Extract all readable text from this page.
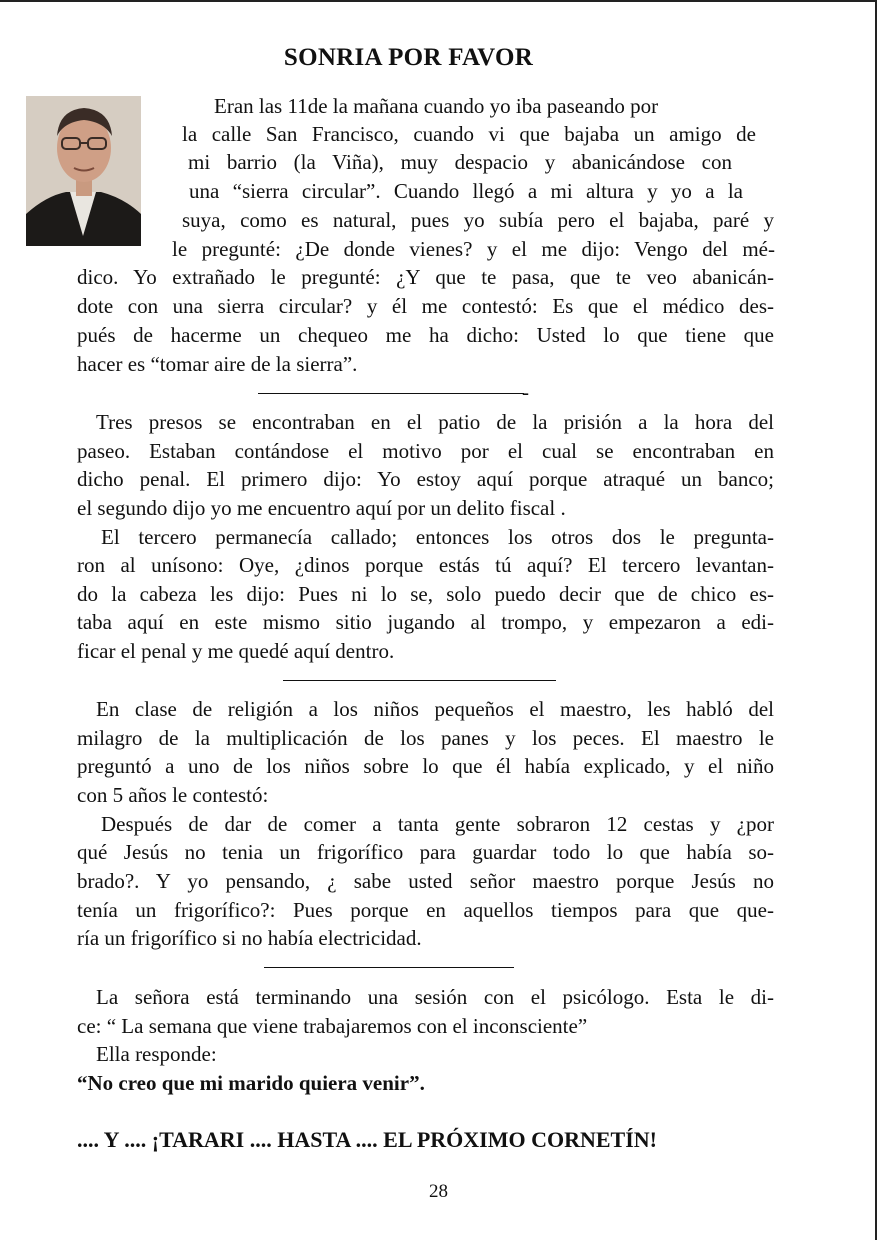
SONRIA POR FAVOR
Eran las 11de la mañana cuando yo iba paseando por
la calle San Francisco, cuando vi que bajaba un amigo de
mi barrio (la Viña), muy despacio y abanicándose con
una “sierra circular”. Cuando llegó a mi altura y yo a la
suya, como es natural, pues yo subía pero el bajaba, paré y
le pregunté: ¿De donde vienes? y el me dijo: Vengo del mé-
dico. Yo extrañado le pregunté: ¿Y que te pasa, que te veo abanicán-
dote con una sierra circular? y él me contestó: Es que el médico des-
pués de hacerme un chequeo me ha dicho: Usted lo que tiene que
hacer es “tomar aire de la sierra”.
-
Tres presos se encontraban en el patio de la prisión a la hora del
paseo. Estaban contándose el motivo por el cual se encontraban en
dicho penal. El primero dijo: Yo estoy aquí porque atraqué un banco;
el segundo dijo yo me encuentro aquí por un delito fiscal .
El tercero permanecía callado; entonces los otros dos le pregunta-
ron al unísono: Oye, ¿dinos porque estás tú aquí? El tercero levantan-
do la cabeza les dijo: Pues ni lo se, solo puedo decir que de chico es-
taba aquí en este mismo sitio jugando al trompo, y empezaron a edi-
ficar el penal y me quedé aquí dentro.
En clase de religión a los niños pequeños el maestro, les habló del
milagro de la multiplicación de los panes y los peces. El maestro le
preguntó a uno de los niños sobre lo que él había explicado, y el niño
con 5 años le contestó:
Después de dar de comer a tanta gente sobraron 12 cestas y ¿por
qué Jesús no tenia un frigorífico para guardar todo lo que había so-
brado?. Y yo pensando, ¿ sabe usted señor maestro porque Jesús no
tenía un frigorífico?: Pues porque en aquellos tiempos para que que-
ría un frigorífico si no había electricidad.
La señora está terminando una sesión con el psicólogo. Esta le di-
ce: “ La semana que viene trabajaremos con el inconsciente”
Ella responde:
“No creo que mi marido quiera venir”.
.... Y .... ¡TARARI .... HASTA .... EL PRÓXIMO CORNETÍN!
28
